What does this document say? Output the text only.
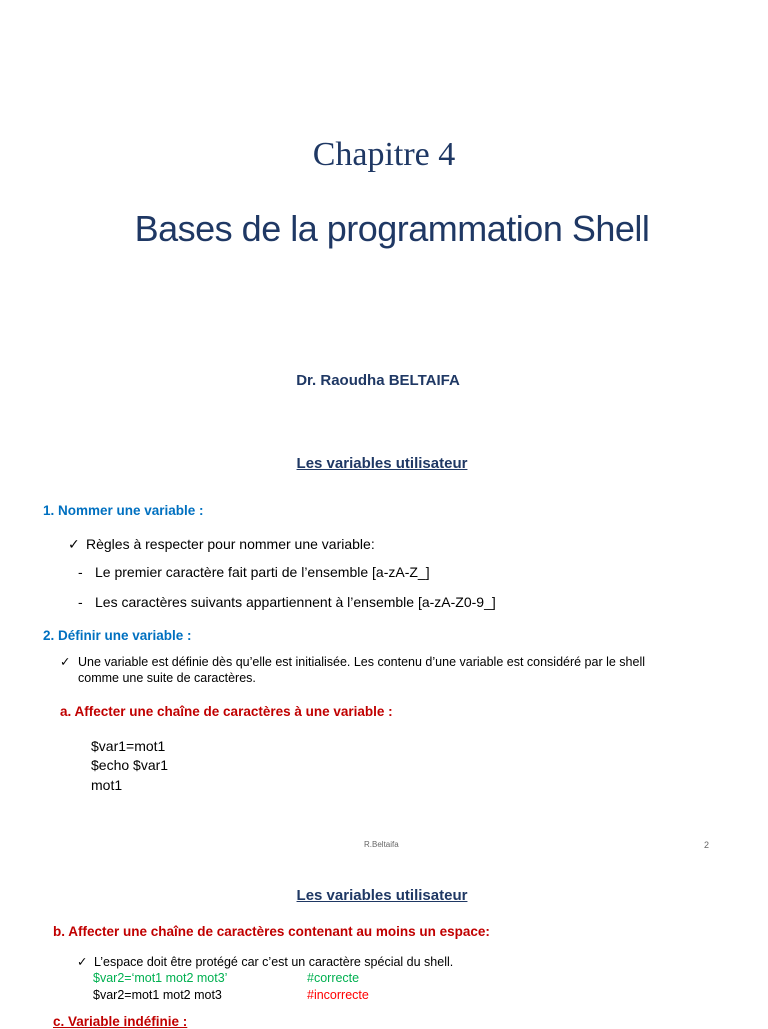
Chapitre 4
Bases de la programmation Shell
Dr. Raoudha BELTAIFA
Les variables utilisateur
1. Nommer une variable :
✓ Règles à respecter pour nommer une variable:
- Le premier caractère fait parti de l’ensemble [a-zA-Z_]
- Les caractères suivants appartiennent à l’ensemble [a-zA-Z0-9_]
2. Définir une variable :
✓ Une variable est définie dès qu’elle est initialisée. Les contenu d’une variable est considéré par le shell
comme une suite de caractères.
a. Affecter une chaîne de caractères à une variable :
$var1=mot1
$echo $var1
mot1
R.Beltaifa	2
Les variables utilisateur
b. Affecter une chaîne de caractères contenant au moins un espace:
✓ L’espace doit être protégé car c’est un caractère spécial du shell.
$var2=‘mot1 mot2 mot3’	#correcte
$var2=mot1 mot2 mot3	#incorrecte
c. Variable indéfinie :
